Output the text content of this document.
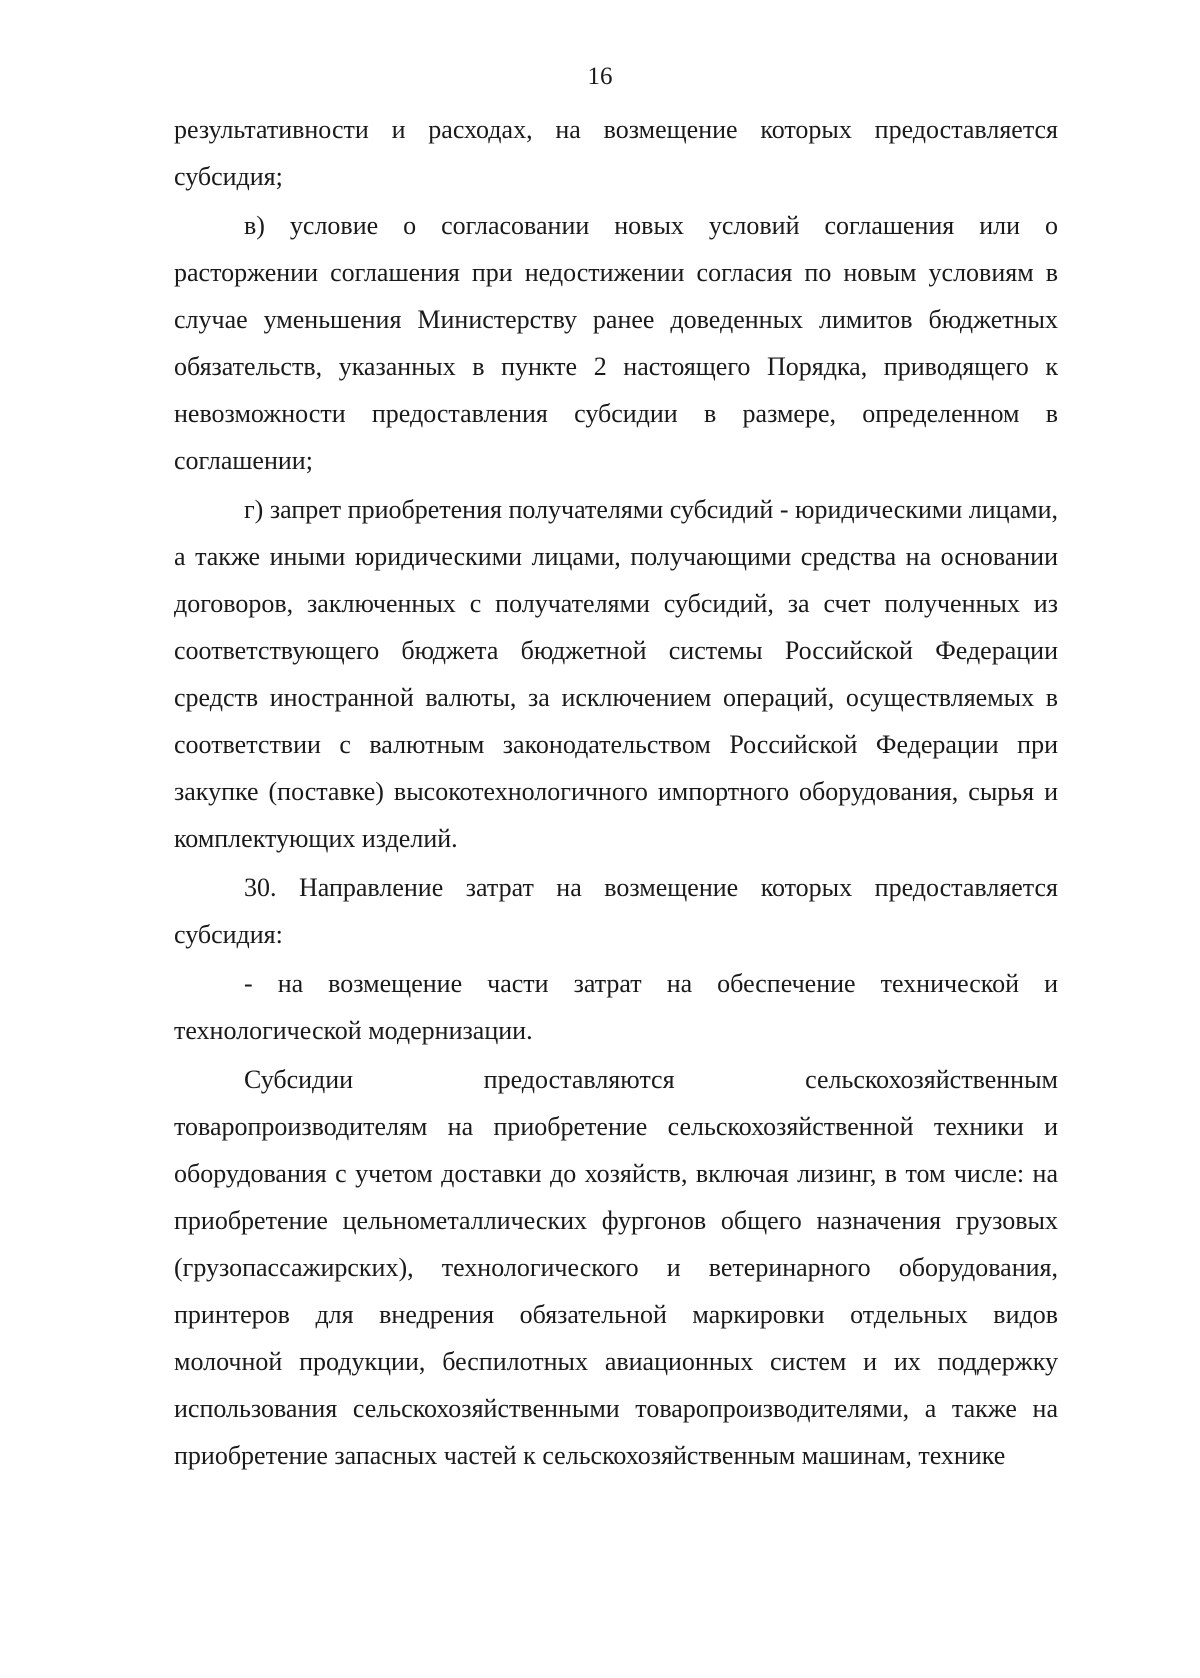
16

результативности и расходах, на возмещение которых предоставляется субсидия;

в) условие о согласовании новых условий соглашения или о расторжении соглашения при недостижении согласия по новым условиям в случае уменьшения Министерству ранее доведенных лимитов бюджетных обязательств, указанных в пункте 2 настоящего Порядка, приводящего к невозможности предоставления субсидии в размере, определенном в соглашении;

г) запрет приобретения получателями субсидий - юридическими лицами, а также иными юридическими лицами, получающими средства на основании договоров, заключенных с получателями субсидий, за счет полученных из соответствующего бюджета бюджетной системы Российской Федерации средств иностранной валюты, за исключением операций, осуществляемых в соответствии с валютным законодательством Российской Федерации при закупке (поставке) высокотехнологичного импортного оборудования, сырья и комплектующих изделий.

30. Направление затрат на возмещение которых предоставляется субсидия:

- на возмещение части затрат на обеспечение технической и технологической модернизации.

Субсидии предоставляются сельскохозяйственным товаропроизводителям на приобретение сельскохозяйственной техники и оборудования с учетом доставки до хозяйств, включая лизинг, в том числе: на приобретение цельнометаллических фургонов общего назначения грузовых (грузопассажирских), технологического и ветеринарного оборудования, принтеров для внедрения обязательной маркировки отдельных видов молочной продукции, беспилотных авиационных систем и их поддержку использования сельскохозяйственными товаропроизводителями, а также на приобретение запасных частей к сельскохозяйственным машинам, технике
